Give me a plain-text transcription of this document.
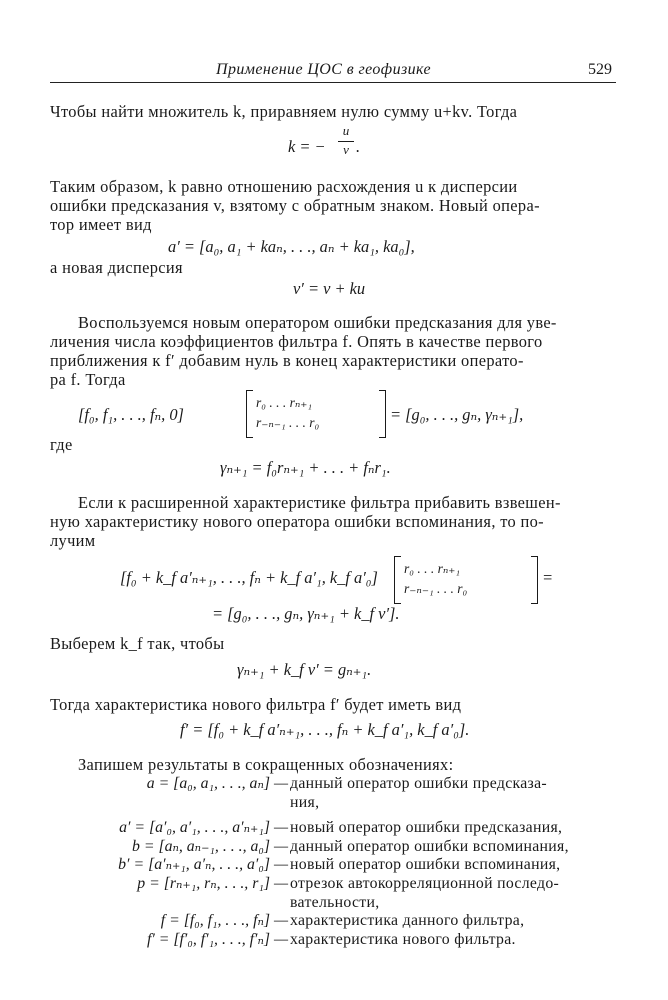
Применение ЦОС в геофизике	529
Чтобы найти множитель k, приравняем нулю сумму u+kv. Тогда
k = −
u
v .
Таким образом, k равно отношению расхождения u к дисперсии
ошибки предсказания v, взятому с обратным знаком. Новый опера-
тор имеет вид
a′ = [a₀, a₁ + kaₙ, . . ., aₙ + ka₁, ka₀],
а новая дисперсия
v′ = v + ku
Воспользуемся новым оператором ошибки предсказания для уве-
личения числа коэффициентов фильтра f. Опять в качестве первого
приближения к f′ добавим нуль в конец характеристики операто-
ра f. Тогда
[f₀, f₁, . . ., fₙ, 0]
r₀ . . . rₙ₊₁
r₋ₙ₋₁ . . . r₀	= [g₀, . . ., gₙ, γₙ₊₁],
где
γₙ₊₁ = f₀rₙ₊₁ + . . . + fₙr₁.
Если к расширенной характеристике фильтра прибавить взвешен-
ную характеристику нового оператора ошибки вспоминания, то по-
лучим
[f₀ + k_f a′ₙ₊₁, . . ., fₙ + k_f a′₁, k_f a′₀] r₀ . . . rₙ₊₁
r₋ₙ₋₁ . . . r₀
=
= [g₀, . . ., gₙ, γₙ₊₁ + k_f v′].
Выберем k_f так, чтобы
γₙ₊₁ + k_f v′ = gₙ₊₁.
Тогда характеристика нового фильтра f′ будет иметь вид
f′ = [f₀ + k_f a′ₙ₊₁, . . ., fₙ + k_f a′₁, k_f a′₀].
Запишем результаты в сокращенных обозначениях:
a = [a₀, a₁, . . ., aₙ] — данный оператор ошибки предсказа-
ния,
a′ = [a′₀, a′₁, . . ., a′ₙ₊₁] — новый оператор ошибки предсказания,
b = [aₙ, aₙ₋₁, . . ., a₀] — данный оператор ошибки вспоминания,
b′ = [a′ₙ₊₁, a′ₙ, . . ., a′₀] — новый оператор ошибки вспоминания,
p = [rₙ₊₁, rₙ, . . ., r₁] — отрезок автокорреляционной последо-
вательности,
f = [f₀, f₁, . . ., fₙ] — характеристика данного фильтра,
f′ = [f′₀, f′₁, . . ., f′ₙ] — характеристика нового фильтра.
